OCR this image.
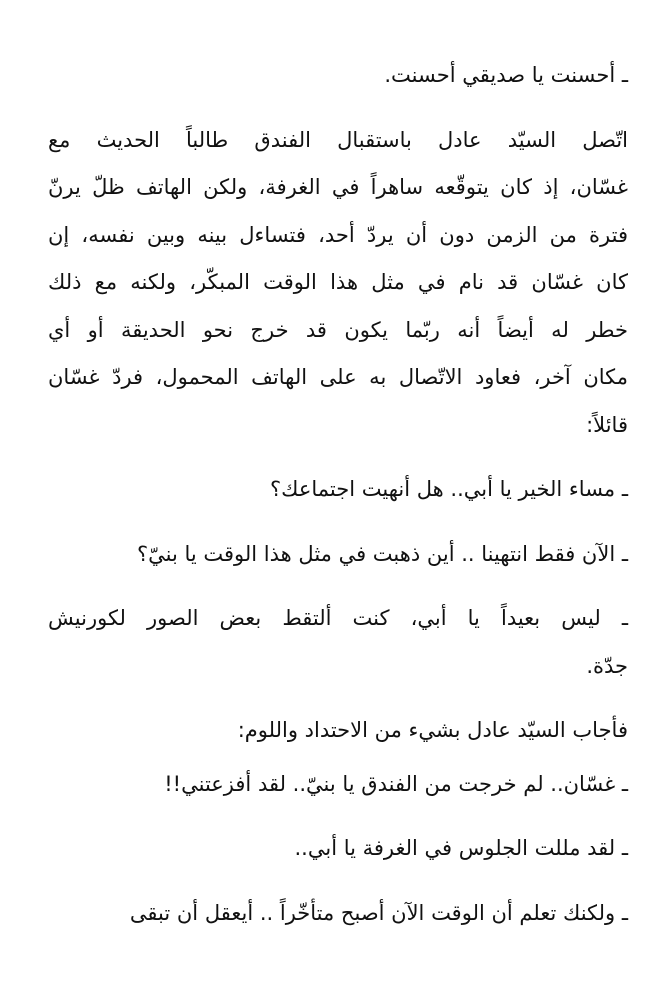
ـ أحسنت يا صديقي أحسنت.

اتّصل السيّد عادل باستقبال الفندق طالباً الحديث مع
غسّان، إذ كان يتوقّعه ساهراً في الغرفة، ولكن الهاتف ظلّ يرنّ
فترة من الزمن دون أن يردّ أحد، فتساءل بينه وبين نفسه، إن
كان غسّان قد نام في مثل هذا الوقت المبكّر، ولكنه مع ذلك
خطر له أيضاً أنه ربّما يكون قد خرج نحو الحديقة أو أي
مكان آخر، فعاود الاتّصال به على الهاتف المحمول، فردّ غسّان
قائلاً:

ـ مساء الخير يا أبي.. هل أنهيت اجتماعك؟

ـ الآن فقط انتهينا .. أين ذهبت في مثل هذا الوقت يا بنيّ؟

ـ ليس بعيداً يا أبي، كنت ألتقط بعض الصور لكورنيش
جدّة.

فأجاب السيّد عادل بشيء من الاحتداد واللوم:

ـ غسّان.. لم خرجت من الفندق يا بنيّ.. لقد أفزعتني!!

ـ لقد مللت الجلوس في الغرفة يا أبي..

ـ ولكنك تعلم أن الوقت الآن أصبح متأخّراً .. أيعقل أن تبقى
